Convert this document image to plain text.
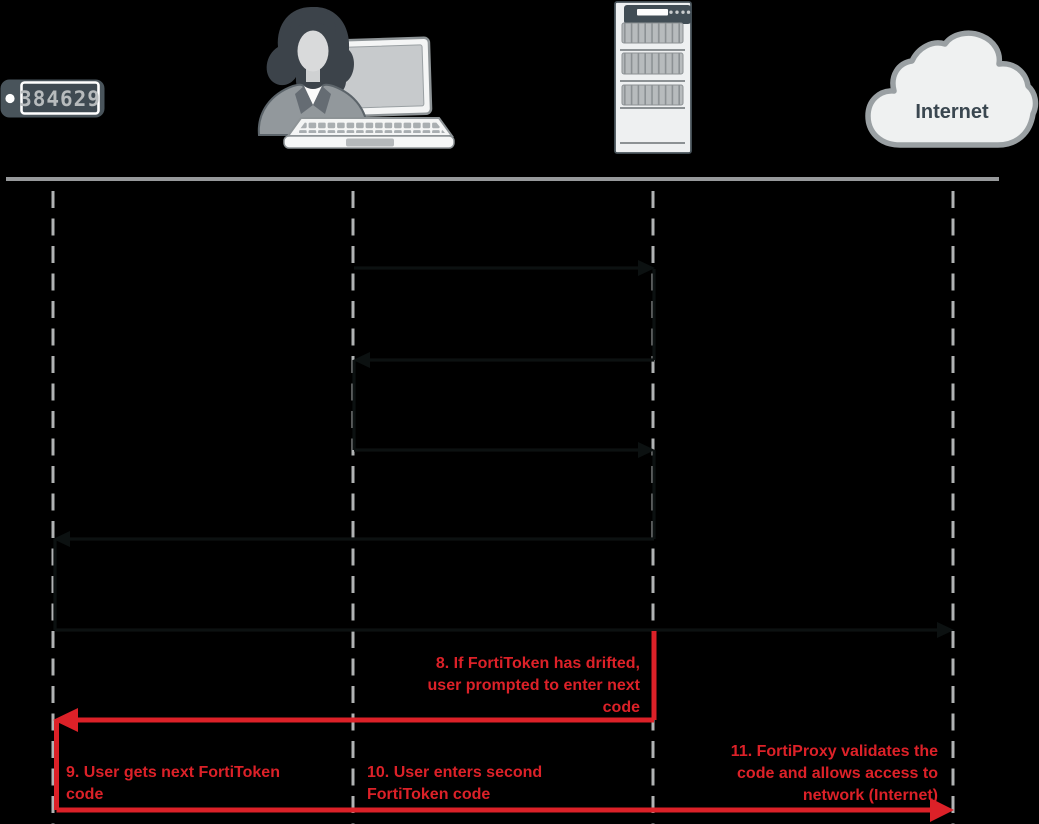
384629
Internet
8. If FortiToken has drifted,
user prompted to enter next
code
9. User gets next FortiToken
code
10. User enters second
FortiToken code
11. FortiProxy validates the
code and allows access to
network (Internet)
